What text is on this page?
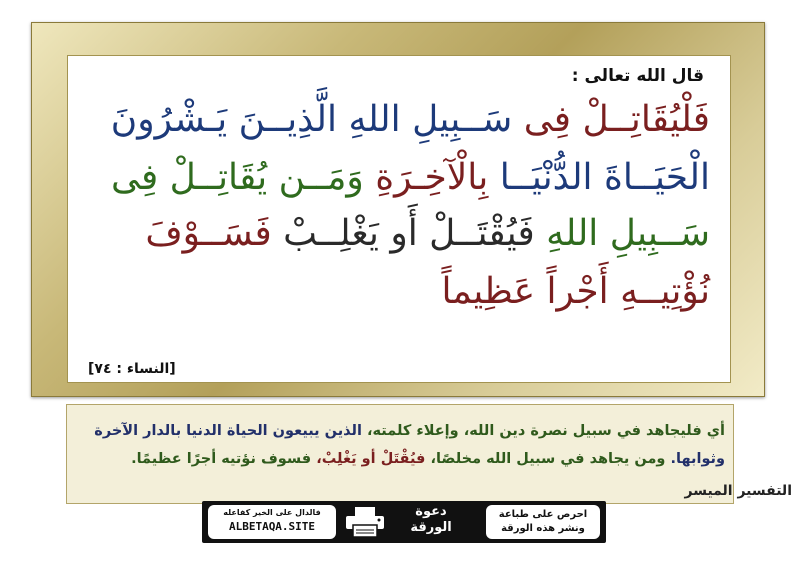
قال الله تعالى :
فَلْيُقَاتِــلْ فِى سَــبِيلِ اللهِ الَّذِيــنَ يَـشْرُونَ
الْحَيَــاةَ الدُّنْيَــا بِالْآخِـرَةِ وَمَــن يُقَاتِــلْ فِى
سَــبِيلِ اللهِ فَيُقْتَــلْ أَو يَغْلِــبْ فَسَــوْفَ
نُؤْتِيــهِ أَجْراً عَظِيماً
[النساء : ٧٤]
أي فليجاهد في سبيل نصرة دين الله، وإعلاء كلمته، الذين يبيعون الحياة الدنيا بالدار الآخرة
وثوابها. ومن يجاهد في سبيل الله مخلصًا، فيُقْتَلْ أو يَغْلِبْ، فسوف نؤتيه أجرًا عظيمًا.
التفسير الميسر
فالدال على الخير كفاعله
ALBETAQA.SITE
دعوة
الورقة
احرص على طباعة
ونشر هذه الورقة
